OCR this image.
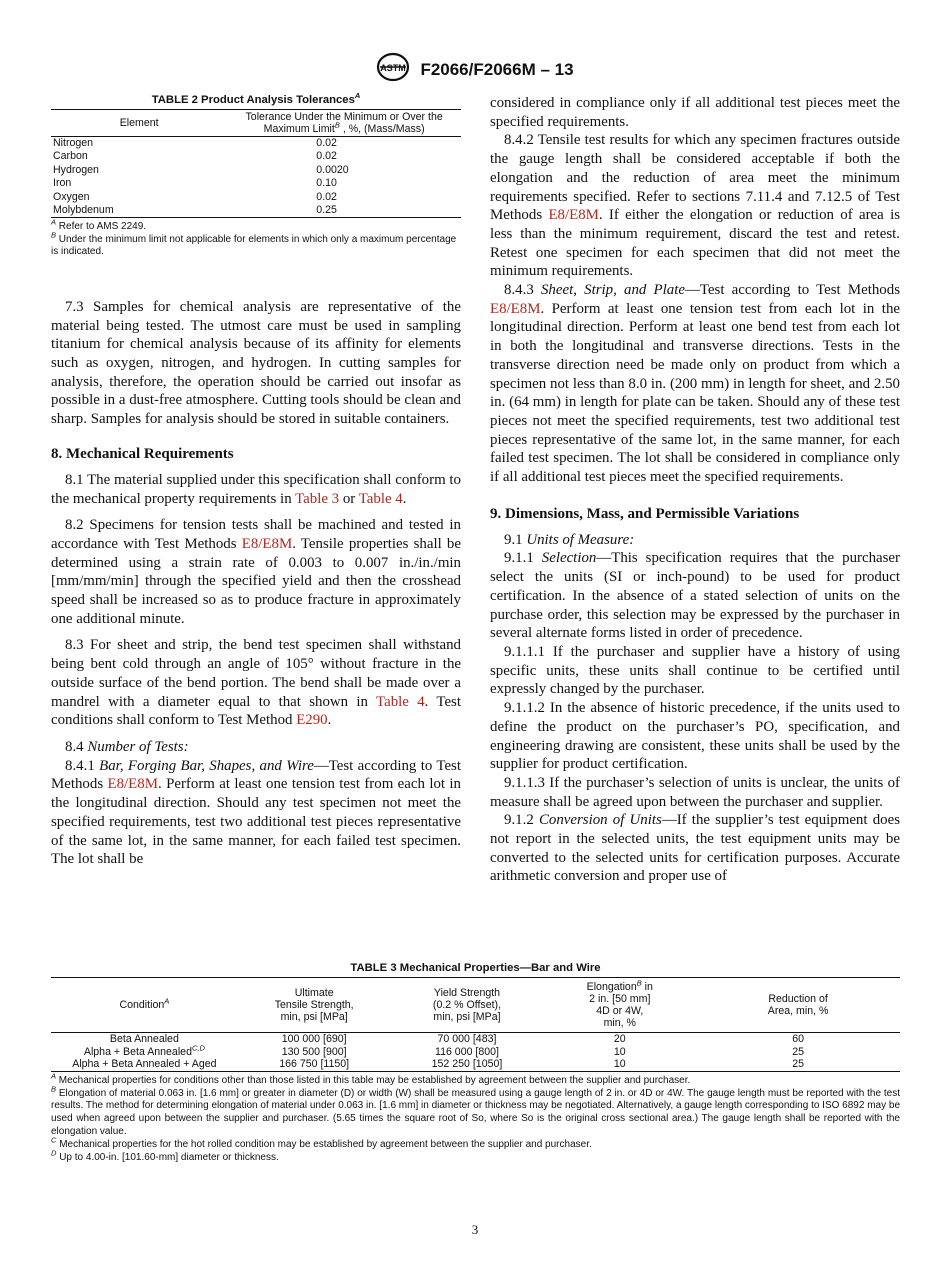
ASTM F2066/F2066M – 13
TABLE 2 Product Analysis Tolerances$^A$
Element	Tolerance Under the Minimum or Over the Maximum Limit$^B$ , %, (Mass/Mass)
Nitrogen	0.02
Carbon	0.02
Hydrogen	0.0020
Iron	0.10
Oxygen	0.02
Molybdenum	0.25
$^A$ Refer to AMS 2249.
$^B$ Under the minimum limit not applicable for elements in which only a maximum percentage is indicated.

7.3 Samples for chemical analysis are representative of the material being tested. The utmost care must be used in sampling titanium for chemical analysis because of its affinity for elements such as oxygen, nitrogen, and hydrogen. In cutting samples for analysis, therefore, the operation should be carried out insofar as possible in a dust-free atmosphere. Cutting tools should be clean and sharp. Samples for analysis should be stored in suitable containers.

8. Mechanical Requirements

8.1 The material supplied under this specification shall conform to the mechanical property requirements in Table 3 or Table 4.

8.2 Specimens for tension tests shall be machined and tested in accordance with Test Methods E8/E8M. Tensile properties shall be determined using a strain rate of 0.003 to 0.007 in./in./min [mm/mm/min] through the specified yield and then the crosshead speed shall be increased so as to produce fracture in approximately one additional minute.

8.3 For sheet and strip, the bend test specimen shall withstand being bent cold through an angle of 105° without fracture in the outside surface of the bend portion. The bend shall be made over a mandrel with a diameter equal to that shown in Table 4. Test conditions shall conform to Test Method E290.

8.4 Number of Tests:

8.4.1 Bar, Forging Bar, Shapes, and Wire—Test according to Test Methods E8/E8M. Perform at least one tension test from each lot in the longitudinal direction. Should any test specimen not meet the specified requirements, test two additional test pieces representative of the same lot, in the same manner, for each failed test specimen. The lot shall be

considered in compliance only if all additional test pieces meet the specified requirements.

8.4.2 Tensile test results for which any specimen fractures outside the gauge length shall be considered acceptable if both the elongation and the reduction of area meet the minimum requirements specified. Refer to sections 7.11.4 and 7.12.5 of Test Methods E8/E8M. If either the elongation or reduction of area is less than the minimum requirement, discard the test and retest. Retest one specimen for each specimen that did not meet the minimum requirements.

8.4.3 Sheet, Strip, and Plate—Test according to Test Methods E8/E8M. Perform at least one tension test from each lot in the longitudinal direction. Perform at least one bend test from each lot in both the longitudinal and transverse directions. Tests in the transverse direction need be made only on product from which a specimen not less than 8.0 in. (200 mm) in length for sheet, and 2.50 in. (64 mm) in length for plate can be taken. Should any of these test pieces not meet the specified requirements, test two additional test pieces representative of the same lot, in the same manner, for each failed test specimen. The lot shall be considered in compliance only if all additional test pieces meet the specified requirements.

9. Dimensions, Mass, and Permissible Variations

9.1 Units of Measure:

9.1.1 Selection—This specification requires that the purchaser select the units (SI or inch-pound) to be used for product certification. In the absence of a stated selection of units on the purchase order, this selection may be expressed by the purchaser in several alternate forms listed in order of precedence.

9.1.1.1 If the purchaser and supplier have a history of using specific units, these units shall continue to be certified until expressly changed by the purchaser.

9.1.1.2 In the absence of historic precedence, if the units used to define the product on the purchaser’s PO, specification, and engineering drawing are consistent, these units shall be used by the supplier for product certification.

9.1.1.3 If the purchaser’s selection of units is unclear, the units of measure shall be agreed upon between the purchaser and supplier.

9.1.2 Conversion of Units—If the supplier’s test equipment does not report in the selected units, the test equipment units may be converted to the selected units for certification purposes. Accurate arithmetic conversion and proper use of

TABLE 3 Mechanical Properties—Bar and Wire
Condition$^A$	Ultimate
Tensile Strength,
min, psi [MPa]	Yield Strength
(0.2 % Offset),
min, psi [MPa]	Elongation$^B$ in
2 in. [50 mm]
4D or 4W,
min, %	Reduction of
Area, min, %
Beta Annealed	100 000 [690]	70 000 [483]	20	60
Alpha + Beta Annealed$^{C,D}$	130 500 [900]	116 000 [800]	10	25
Alpha + Beta Annealed + Aged	166 750 [1150]	152 250 [1050]	10	25
$^A$ Mechanical properties for conditions other than those listed in this table may be established by agreement between the supplier and purchaser.
$^B$ Elongation of material 0.063 in. [1.6 mm] or greater in diameter (D) or width (W) shall be measured using a gauge length of 2 in. or 4D or 4W. The gauge length must be reported with the test results. The method for determining elongation of material under 0.063 in. [1.6 mm] in diameter or thickness may be negotiated. Alternatively, a gauge length corresponding to ISO 6892 may be used when agreed upon between the supplier and purchaser. (5.65 times the square root of So, where So is the original cross sectional area.) The gauge length shall be reported with the elongation value.
$^C$ Mechanical properties for the hot rolled condition may be established by agreement between the supplier and purchaser.
$^D$ Up to 4.00-in. [101.60-mm] diameter or thickness.
3
